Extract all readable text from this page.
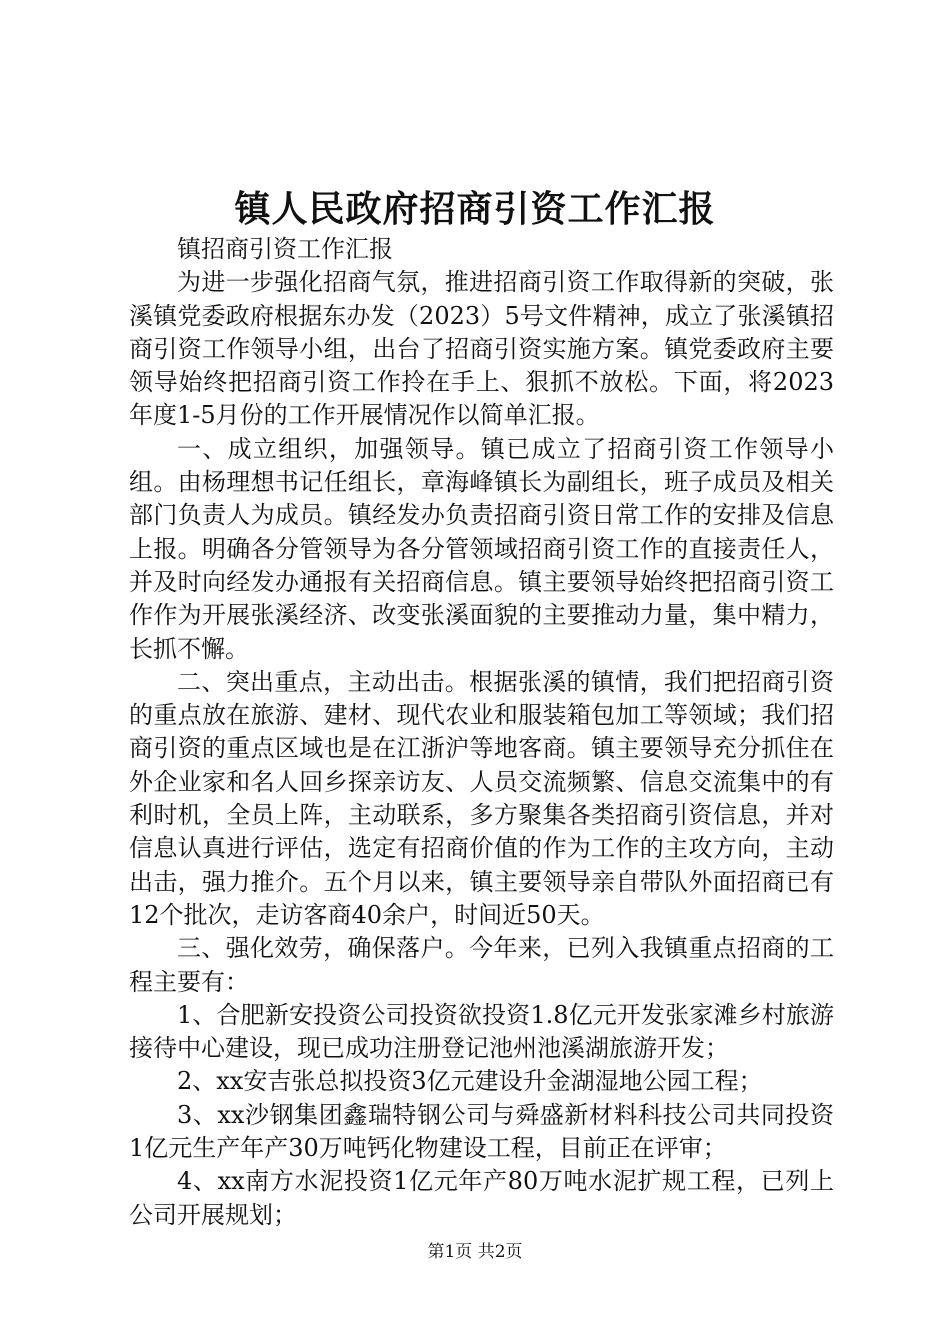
镇人民政府招商引资工作汇报

镇招商引资工作汇报

为进一步强化招商气氛，推进招商引资工作取得新的突破，张溪镇党委政府根据东办发（2023）5号文件精神，成立了张溪镇招商引资工作领导小组，出台了招商引资实施方案。镇党委政府主要领导始终把招商引资工作拎在手上、狠抓不放松。下面，将2023年度1-5月份的工作开展情况作以简单汇报。

一、成立组织，加强领导。镇已成立了招商引资工作领导小组。由杨理想书记任组长，章海峰镇长为副组长，班子成员及相关部门负责人为成员。镇经发办负责招商引资日常工作的安排及信息上报。明确各分管领导为各分管领域招商引资工作的直接责任人，并及时向经发办通报有关招商信息。镇主要领导始终把招商引资工作作为开展张溪经济、改变张溪面貌的主要推动力量，集中精力，长抓不懈。

二、突出重点，主动出击。根据张溪的镇情，我们把招商引资的重点放在旅游、建材、现代农业和服装箱包加工等领域；我们招商引资的重点区域也是在江浙沪等地客商。镇主要领导充分抓住在外企业家和名人回乡探亲访友、人员交流频繁、信息交流集中的有利时机，全员上阵，主动联系，多方聚集各类招商引资信息，并对信息认真进行评估，选定有招商价值的作为工作的主攻方向，主动出击，强力推介。五个月以来，镇主要领导亲自带队外面招商已有12个批次，走访客商40余户，时间近50天。

三、强化效劳，确保落户。今年来，已列入我镇重点招商的工程主要有：

1、合肥新安投资公司投资欲投资1.8亿元开发张家滩乡村旅游接待中心建设，现已成功注册登记池州池溪湖旅游开发；

2、xx安吉张总拟投资3亿元建设升金湖湿地公园工程；

3、xx沙钢集团鑫瑞特钢公司与舜盛新材料科技公司共同投资1亿元生产年产30万吨钙化物建设工程，目前正在评审；

4、xx南方水泥投资1亿元年产80万吨水泥扩规工程，已列上公司开展规划；

第1页 共2页
